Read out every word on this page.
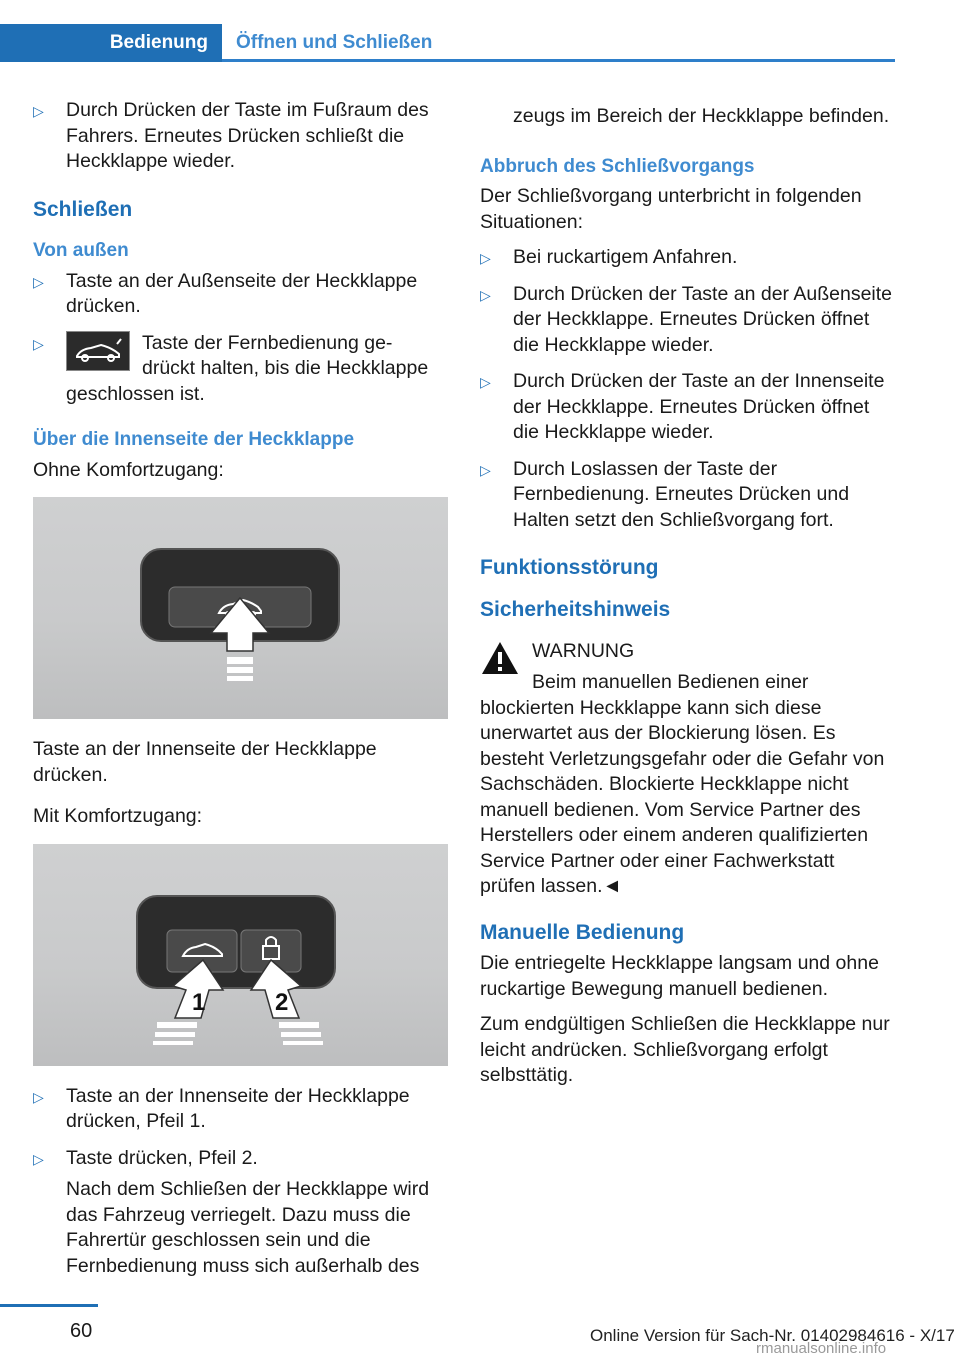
Bedienung	Öffnen und Schließen
▷ Durch Drücken der Taste im Fußraum des Fahrers. Erneutes Drücken schließt die Heckklappe wieder.

Schließen
Von außen
▷ Taste an der Außenseite der Heckklappe drücken.

▷	Taste der Fernbedienung ge-

drückt halten, bis die Heckklappe

geschlossen ist.

Über die Innenseite der Heckklappe

Ohne Komfortzugang:

Taste an der Innenseite der Heckklappe drücken.

Mit Komfortzugang:

1	2
▷ Taste an der Innenseite der Heckklappe drücken, Pfeil 1.

▷ Taste drücken, Pfeil 2.

Nach dem Schließen der Heckklappe wird das Fahrzeug verriegelt. Dazu muss die Fahrertür geschlossen sein und die Fernbedienung muss sich außerhalb des

zeugs im Bereich der Heckklappe befinden.

Abbruch des Schließvorgangs

Der Schließvorgang unterbricht in folgenden Situationen:

▷ Bei ruckartigem Anfahren.

▷ Durch Drücken der Taste an der Außenseite der Heckklappe. Erneutes Drücken öffnet die Heckklappe wieder.

▷ Durch Drücken der Taste an der Innenseite der Heckklappe. Erneutes Drücken öffnet die Heckklappe wieder.

▷ Durch Loslassen der Taste der Fernbedienung. Erneutes Drücken und Halten setzt den Schließvorgang fort.

Funktionsstörung
Sicherheitshinweis

WARNUNG

Beim manuellen Bedienen einer blockierten Heckklappe kann sich diese unerwartet aus der Blockierung lösen. Es besteht Verletzungsgefahr oder die Gefahr von Sachschäden. Blockierte Heckklappe nicht manuell bedienen. Vom Service Partner des Herstellers oder einem anderen qualifizierten Service Partner oder einer Fachwerkstatt prüfen lassen.◄

Manuelle Bedienung

Die entriegelte Heckklappe langsam und ohne ruckartige Bewegung manuell bedienen.

Zum endgültigen Schließen die Heckklappe nur leicht andrücken. Schließvorgang erfolgt selbsttätig.

60	Online Version für Sach-Nr. 01402984616 - X/17
rmanualsonline.info
